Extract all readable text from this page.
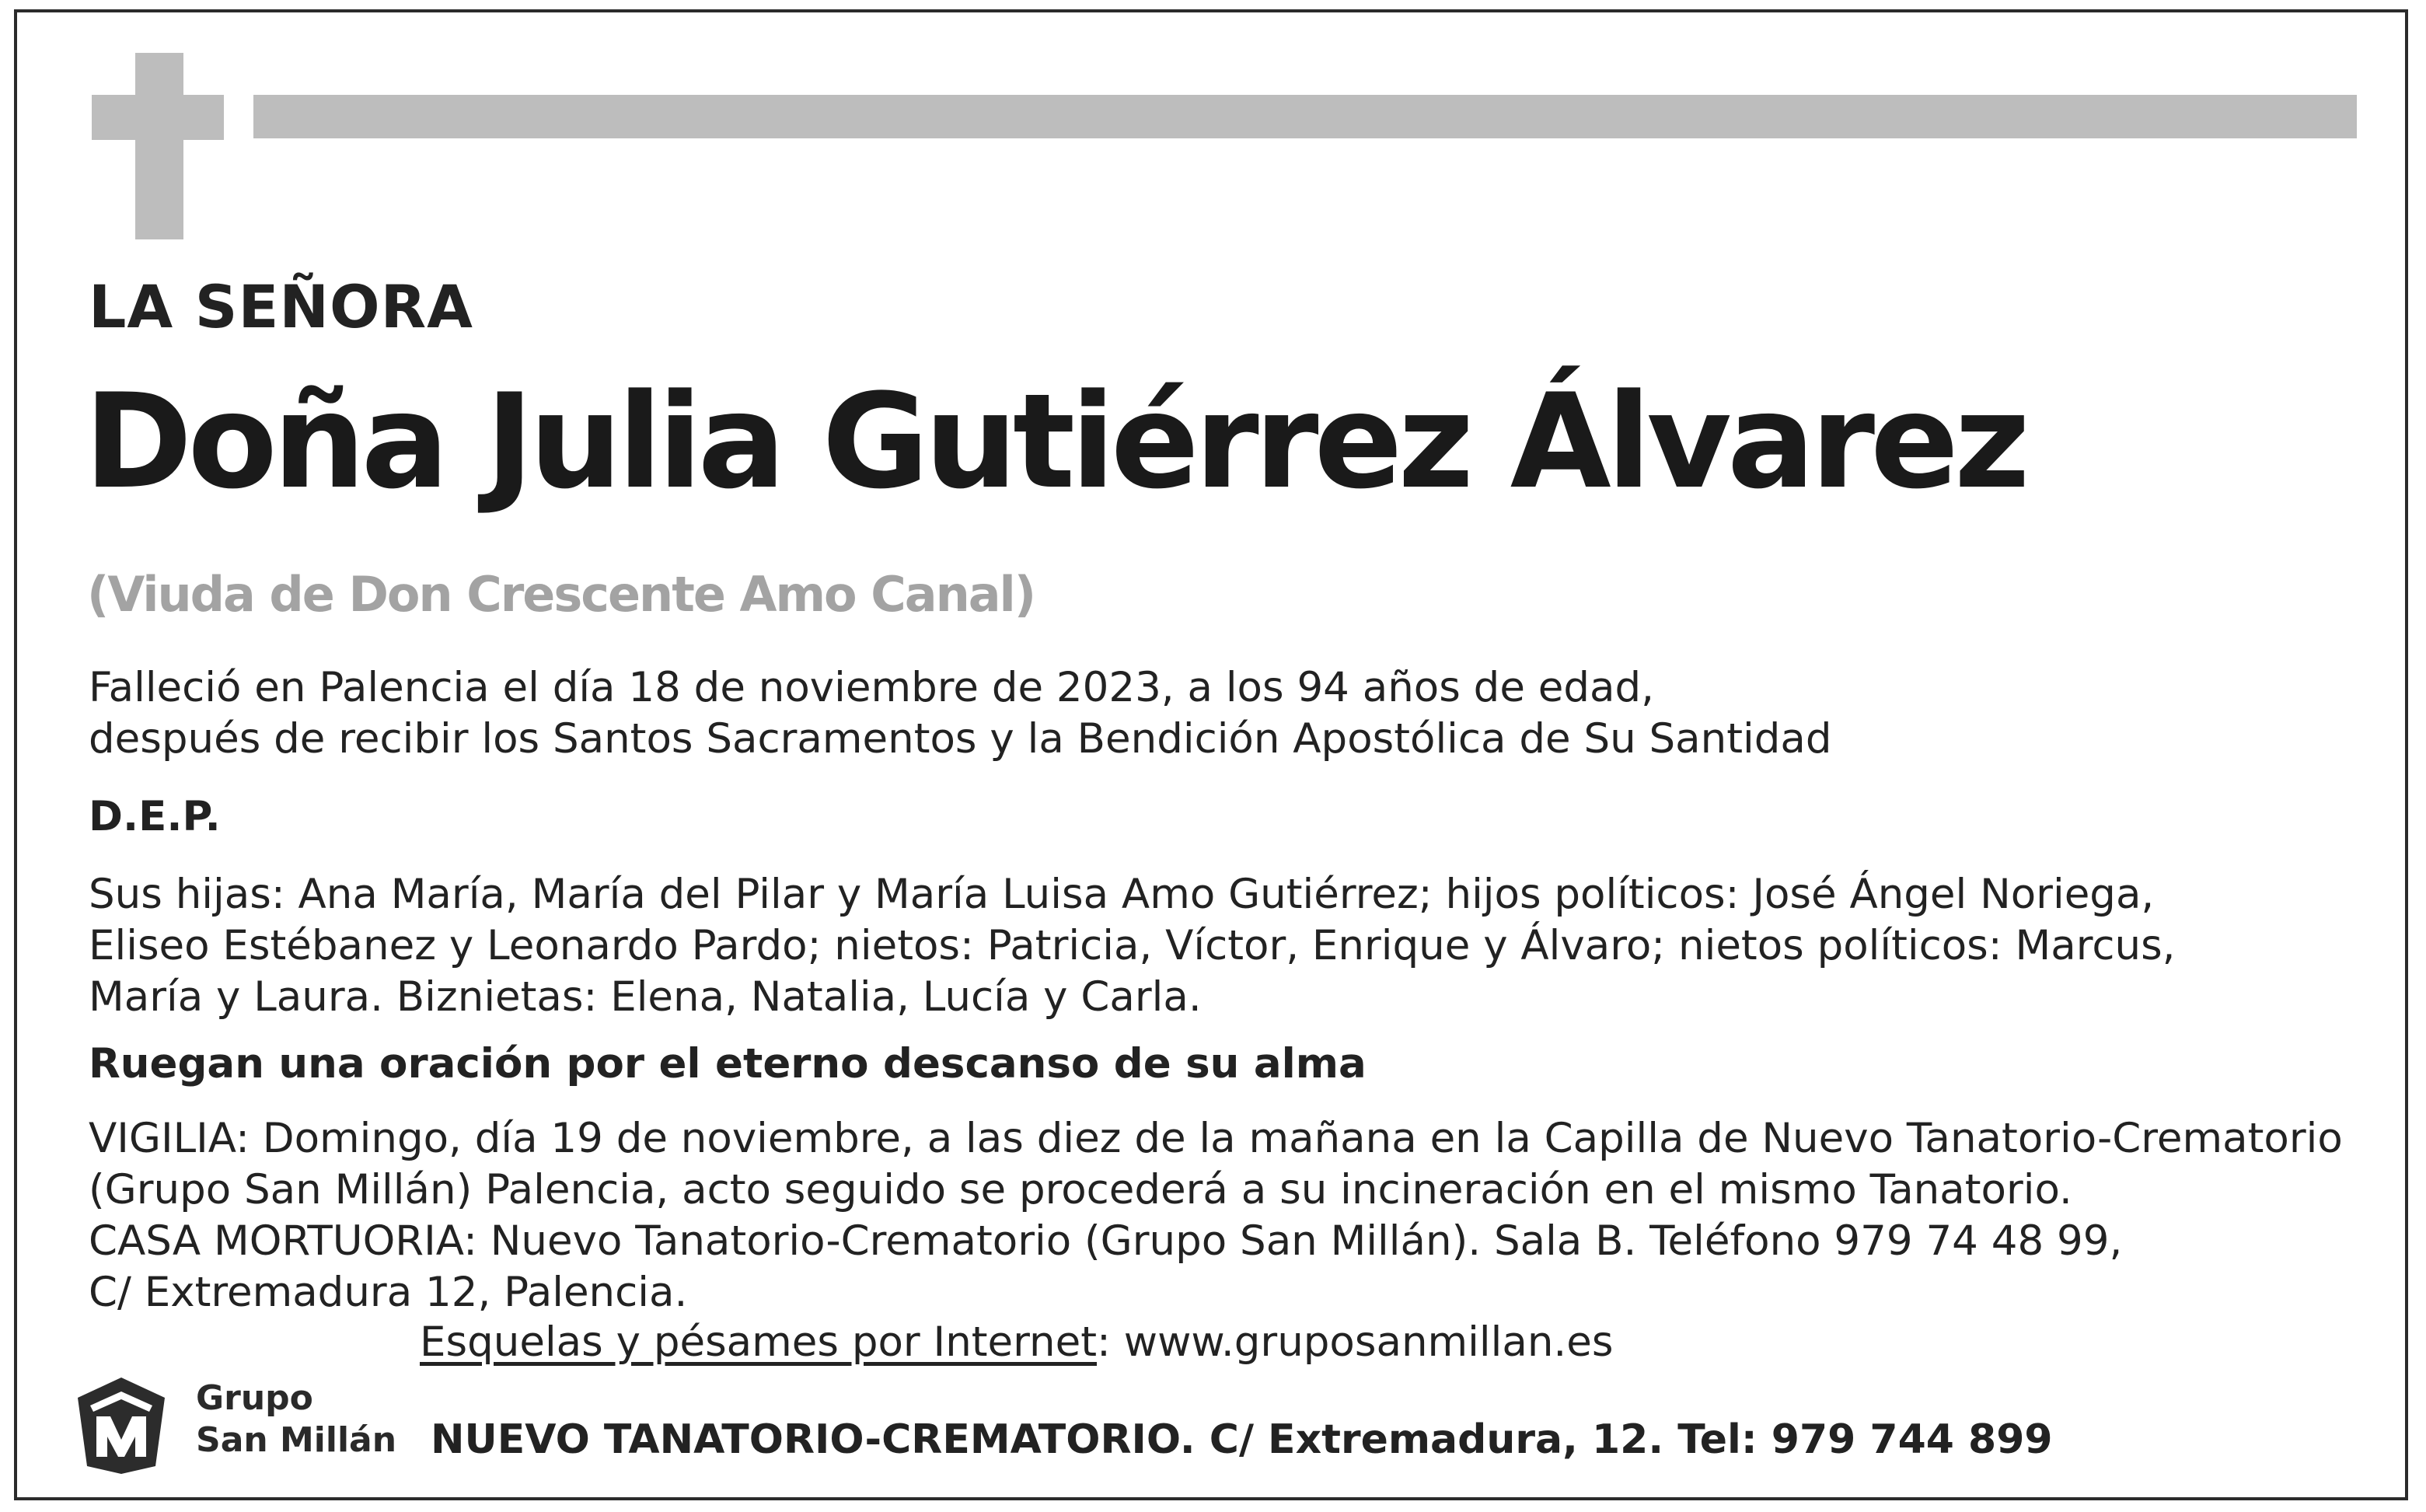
LA SEÑORA
Doña Julia Gutiérrez Álvarez
(Viuda de Don Crescente Amo Canal)
Falleció en Palencia el día 18 de noviembre de 2023, a los 94 años de edad,
después de recibir los Santos Sacramentos y la Bendición Apostólica de Su Santidad
D.E.P.
Sus hijas: Ana María, María del Pilar y María Luisa Amo Gutiérrez; hijos políticos: José Ángel Noriega,
Eliseo Estébanez y Leonardo Pardo; nietos: Patricia, Víctor, Enrique y Álvaro; nietos políticos: Marcus,
María y Laura. Biznietas: Elena, Natalia, Lucía y Carla.
Ruegan una oración por el eterno descanso de su alma
VIGILIA: Domingo, día 19 de noviembre, a las diez de la mañana en la Capilla de Nuevo Tanatorio-Crematorio
(Grupo San Millán) Palencia, acto seguido se procederá a su incineración en el mismo Tanatorio.
CASA MORTUORIA: Nuevo Tanatorio-Crematorio (Grupo San Millán). Sala B. Teléfono 979 74 48 99,
C/ Extremadura 12, Palencia.
Esquelas y pésames por Internet: www.gruposanmillan.es
Grupo
San Millán NUEVO TANATORIO-CREMATORIO. C/ Extremadura, 12. Tel: 979 744 899
